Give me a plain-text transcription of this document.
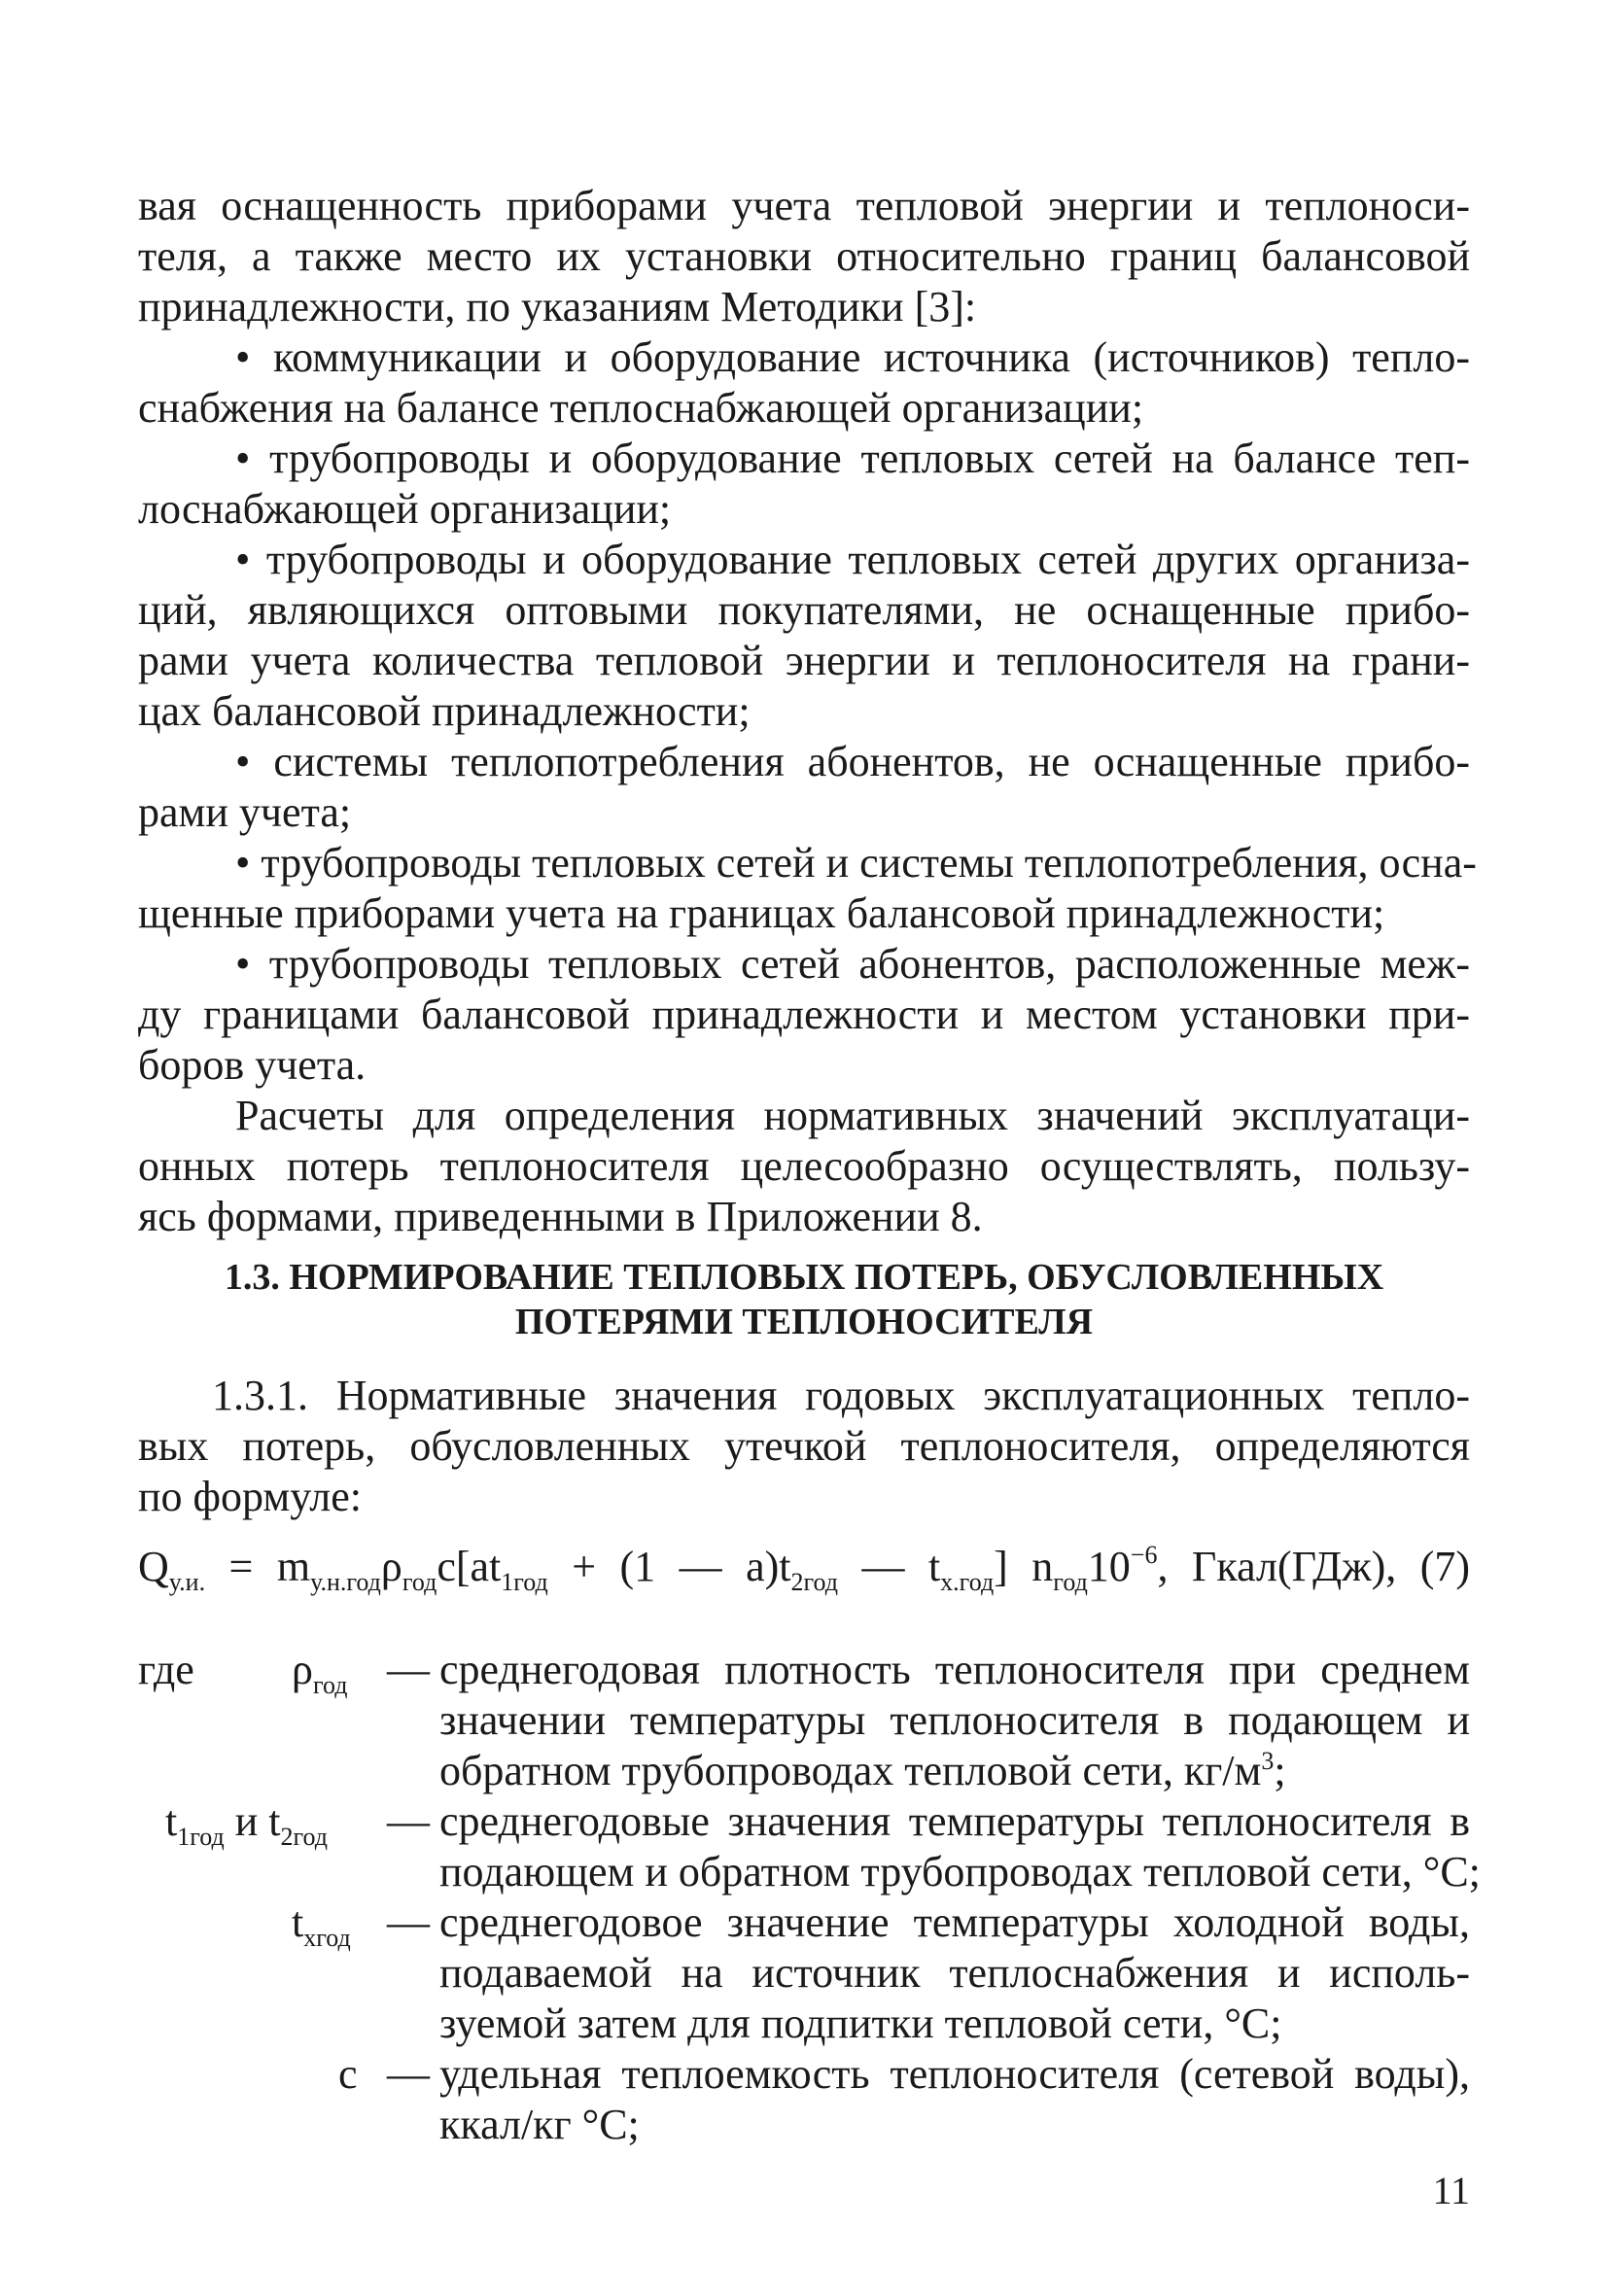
вая оснащенность приборами учета тепловой энергии и теплоноси-
теля, а также место их установки относительно границ балансовой
принадлежности, по указаниям Методики [3]:
• коммуникации и оборудование источника (источников) тепло-
снабжения на балансе теплоснабжающей организации;
• трубопроводы и оборудование тепловых сетей на балансе теп-
лоснабжающей организации;
• трубопроводы и оборудование тепловых сетей других организа-
ций, являющихся оптовыми покупателями, не оснащенные прибо-
рами учета количества тепловой энергии и теплоносителя на грани-
цах балансовой принадлежности;
• системы теплопотребления абонентов, не оснащенные прибо-
рами учета;
• трубопроводы тепловых сетей и системы теплопотребления, осна-
щенные приборами учета на границах балансовой принадлежности;
• трубопроводы тепловых сетей абонентов, расположенные меж-
ду границами балансовой принадлежности и местом установки при-
боров учета.
Расчеты для определения нормативных значений эксплуатаци-
онных потерь теплоносителя целесообразно осуществлять, пользу-
ясь формами, приведенными в Приложении 8.
1.3. НОРМИРОВАНИЕ ТЕПЛОВЫХ ПОТЕРЬ, ОБУСЛОВЛЕННЫХ
ПОТЕРЯМИ ТЕПЛОНОСИТЕЛЯ
1.3.1. Нормативные значения годовых эксплуатационных тепло-
вых потерь, обусловленных утечкой теплоносителя, определяются
по формуле:
$Q_{у.и.} = m_{у.н.год}\rho_{год}c[at_{1год} + (1$ — $a)t_{2год}$ — $t_{х.год}$] $n_{год}10^{-6}$, Гкал(ГДж), (7)
где $\rho_{год}$ — среднегодовая плотность теплоносителя при среднем
значении температуры теплоносителя в подающем и
обратном трубопроводах тепловой сети, $кг/м^3$;
$t_{1год}$ и $t_{2год}$ — среднегодовые значения температуры теплоносителя в
подающем и обратном трубопроводах тепловой сети, °С;
$t_{хгод}$ — среднегодовое значение температуры холодной воды,
подаваемой на источник теплоснабжения и исполь-
зуемой затем для подпитки тепловой сети, °С;
c — удельная теплоемкость теплоносителя (сетевой воды),
ккал/кг °С;
11
